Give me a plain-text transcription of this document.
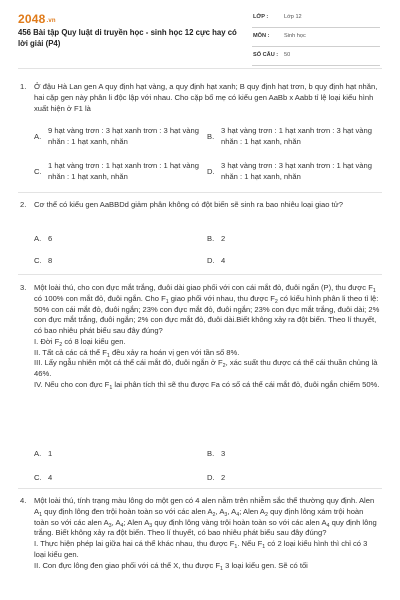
2048.vn
456 Bài tập Quy luật di truyền học - sinh học 12 cực hay có lời giải (P4)
LỚP :	Lớp 12
MÔN :	Sinh học
SỐ CÂU : 50
1. Ở đậu Hà Lan gen A quy định hạt vàng, a quy định hạt xanh; B quy định hạt trơn, b quy định hạt nhăn, hai cặp gen này phân li độc lập với nhau. Cho cặp bố mẹ có kiểu gen AaBb x Aabb tỉ lệ loại kiểu hình xuất hiện ở F1 là
A.
9 hạt vàng trơn : 3 hạt xanh trơn : 3 hạt vàng nhăn : 1 hạt xanh, nhăn
B.
3 hạt vàng trơn : 1 hạt xanh trơn : 3 hạt vàng nhăn : 1 hạt xanh, nhăn
C.
1 hạt vàng trơn : 1 hạt xanh trơn : 1 hạt vàng nhăn : 1 hạt xanh, nhăn
D.
3 hạt vàng trơn : 3 hạt xanh trơn : 1 hạt vàng nhăn : 1 hạt xanh, nhăn
2. Cơ thể có kiểu gen AaBBDd giảm phân không có đột biến sẽ sinh ra bao nhiêu loại giao tử?
A. 6	B. 2
C. 8	D. 4
3. Một loài thú, cho con đực mắt trắng, đuôi dài giao phối với con cái mắt đỏ, đuôi ngắn (P), thu được $F_1$ có 100% con mắt đỏ, đuôi ngắn. Cho $F_1$ giao phối với nhau, thu được $F_2$ có kiểu hình phân li theo tỉ lệ: 50% con cái mắt đỏ, đuôi ngắn; 23% con đực mắt đỏ, đuôi ngắn; 23% con đực mắt trắng, đuôi dài; 2% con đực mắt trắng, đuôi ngắn; 2% con đực mắt đỏ, đuôi dài.Biết không xảy ra đột biến. Theo lí thuyết, có bao nhiêu phát biểu sau đây đúng?

I. Đời $F_2$ có 8 loại kiểu gen.

II. Tất cả các cá thể $F_1$ đều xảy ra hoán vị gen với tần số 8%.

III. Lấy ngẫu nhiên một cá thể cái mắt đỏ, đuôi ngắn ở $F_2$, xác suất thu được cá thể cái thuần chủng là 46%.

IV. Nếu cho con đực $F_1$ lai phân tích thì sẽ thu được Fa có số cá thể cái mắt đỏ, đuôi ngắn chiếm 50%.

A. 1	B. 3
C. 4	D. 2
4. Một loài thú, tính trạng màu lông do một gen có 4 alen nằm trên nhiễm sắc thể thường quy định. Alen $A_1$ quy định lông đen trội hoàn toàn so với các alen $A_2$, $A_3$, $A_4$; Alen $A_2$ quy định lông xám trội hoàn toàn so với các alen $A_3$, $A_4$; Alen $A_3$ quy định lông vàng trội hoàn toàn so với các alen $A_4$ quy định lông trắng. Biết không xảy ra đột biến. Theo lí thuyết, có bao nhiêu phát biểu sau đây đúng?

I. Thực hiện phép lai giữa hai cá thể khác nhau, thu được $F_1$. Nếu $F_1$ có 2 loại kiểu hình thì chỉ có 3 loại kiểu gen.

II. Con đực lông đen giao phối với cá thể X, thu được $F_1$ 3 loại kiểu gen. Sẽ có tối
